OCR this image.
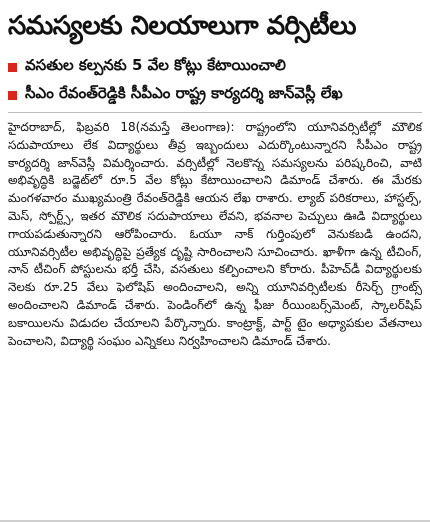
సమస్యలకు నిలయాలుగా వర్సిటీలు
వసతుల కల్పనకు 5 వేల కోట్లు కేటాయించాలి
సీఎం రేవంత్‌రెడ్డికి సీపీఎం రాష్ట్ర కార్యదర్శి జాన్‌వెస్లీ లేఖ

హైదరాబాద్, ఫిబ్రవరి 18(నమస్తే తెలంగాణ): రాష్ట్రంలోని యూనివర్సిటీల్లో మౌలిక సదుపాయాలు లేక విద్యార్థులు తీవ్ర ఇబ్బందులు ఎదుర్కొంటున్నారని సీపీఎం రాష్ట్ర కార్యదర్శి జాన్‌వెస్లీ విమర్శించారు. వర్సిటీల్లో నెలకొన్న సమస్యలను పరిష్కరించి, వాటి అభివృద్ధికి బడ్జెట్‌లో రూ.5 వేల కోట్లు కేటాయించాలని డిమాండ్ చేశారు. ఈ మేరకు మంగళవారం ముఖ్యమంత్రి రేవంత్‌రెడ్డికి ఆయన లేఖ రాశారు. ల్యాబ్ పరికరాలు, హాస్టల్స్, మెస్, స్పోర్ట్స్, ఇతర మౌలిక సదుపాయాలు లేవని, భవనాల పెచ్చులు ఊడి విద్యార్థులు గాయపడుతున్నారని ఆరోపించారు. ఓయూ నాక్ గుర్తింపులో వెనుకబడి ఉందని, యూనివర్సిటీల అభివృద్ధిపై ప్రత్యేక దృష్టి సారించాలని సూచించారు. ఖాళీగా ఉన్న టీచింగ్, నాన్ టీచింగ్ పోస్టులను భర్తీ చేసి, వసతులు కల్పించాలని కోరారు. పీహెచ్‌డీ విద్యార్థులకు నెలకు రూ.25 వేలు ఫెలోషిప్ అందించాలని, అన్ని యూనివర్సిటీలకు రీసెర్చ్ గ్రాంట్స్ అందించాలని డిమాండ్ చేశారు. పెండింగ్‌లో ఉన్న ఫీజు రీయింబర్స్‌మెంట్, స్కాలర్‌షిప్ బకాయిలను విడుదల చేయాలని పేర్కొన్నారు. కాంట్రాక్ట్, పార్ట్ టైం అధ్యాపకుల వేతనాలు పెంచాలని, విద్యార్థి సంఘం ఎన్నికలు నిర్వహించాలని డిమాండ్ చేశారు.
